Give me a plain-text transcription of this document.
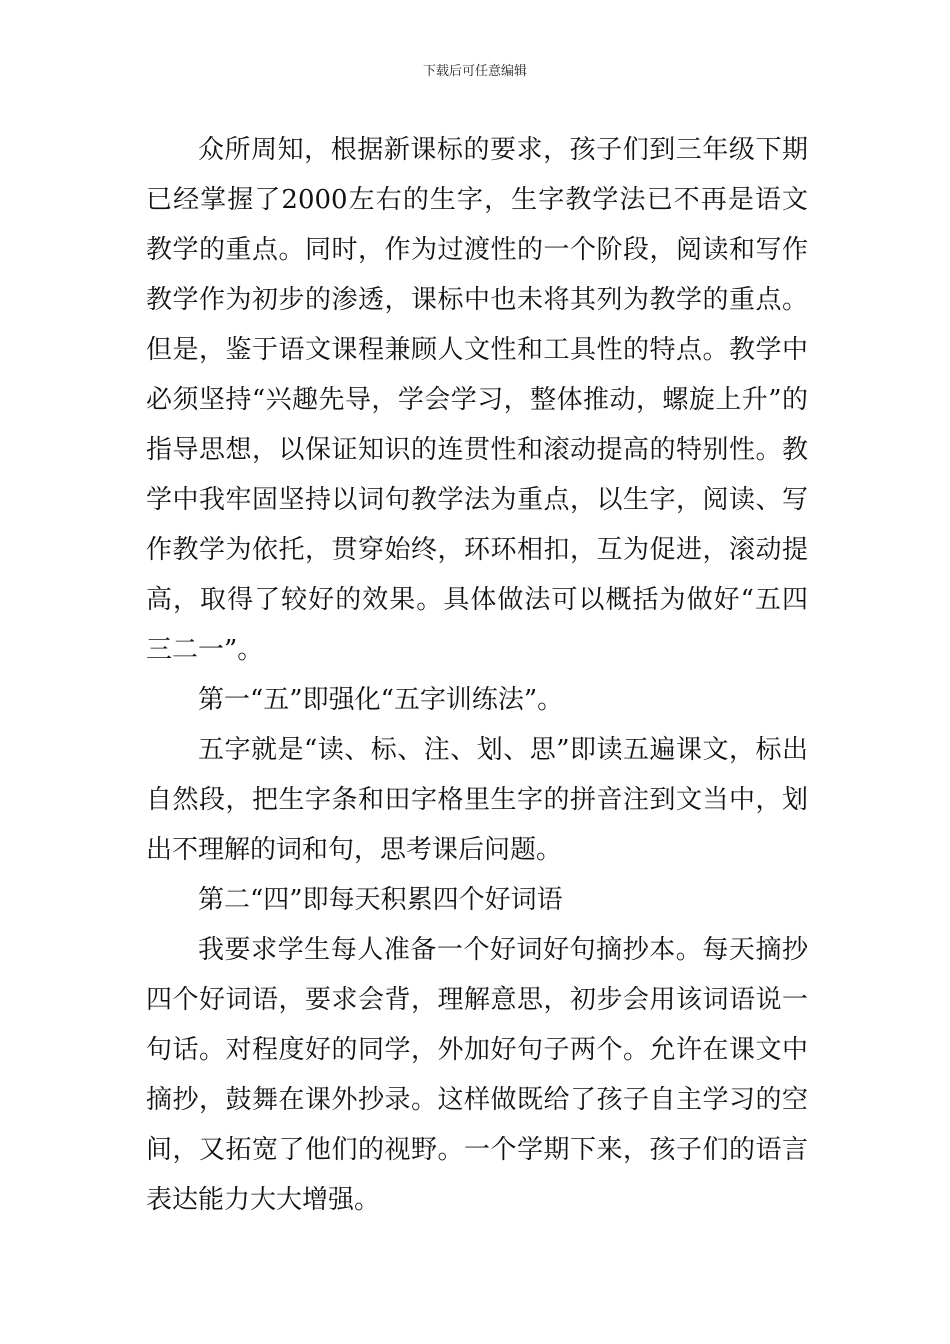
下载后可任意编辑

众所周知，根据新课标的要求，孩子们到三年级下期已经掌握了2000左右的生字，生字教学法已不再是语文教学的重点。同时，作为过渡性的一个阶段，阅读和写作教学作为初步的渗透，课标中也未将其列为教学的重点。但是，鉴于语文课程兼顾人文性和工具性的特点。教学中必须坚持“兴趣先导，学会学习，整体推动，螺旋上升”的指导思想，以保证知识的连贯性和滚动提高的特别性。教学中我牢固坚持以词句教学法为重点，以生字，阅读、写作教学为依托，贯穿始终，环环相扣，互为促进，滚动提高，取得了较好的效果。具体做法可以概括为做好“五四三二一”。

第一“五”即强化“五字训练法”。

五字就是“读、标、注、划、思”即读五遍课文，标出自然段，把生字条和田字格里生字的拼音注到文当中，划出不理解的词和句，思考课后问题。

第二“四”即每天积累四个好词语

我要求学生每人准备一个好词好句摘抄本。每天摘抄四个好词语，要求会背，理解意思，初步会用该词语说一句话。对程度好的同学，外加好句子两个。允许在课文中摘抄，鼓舞在课外抄录。这样做既给了孩子自主学习的空间，又拓宽了他们的视野。一个学期下来，孩子们的语言表达能力大大增强。
